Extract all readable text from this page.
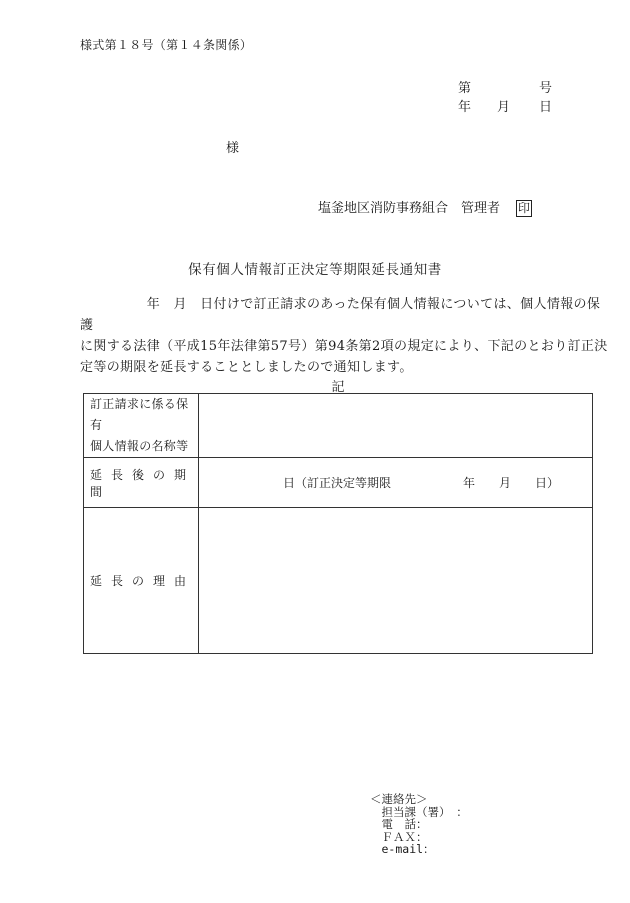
様式第１８号（第１４条関係）
第	号
年 月 日
様
塩釜地区消防事務組合　管理者 印
保有個人情報訂正決定等期限延長通知書

　　　　　年　月　日付けで訂正請求のあった保有個人情報については、個人情報の保護

に関する法律（平成15年法律第57号）第94条第2項の規定により、下記のとおり訂正決

定等の期限を延長することとしましたので通知します。

記
訂正請求に係る保有
個人情報の名称等	

延長後の期間	日（訂正決定等期限　　　　　　年　　月　　日）
延長の理由	
＜連絡先＞
　担当課（署）　：
　電　話：
　ＦＡＸ：
　e-mail：
